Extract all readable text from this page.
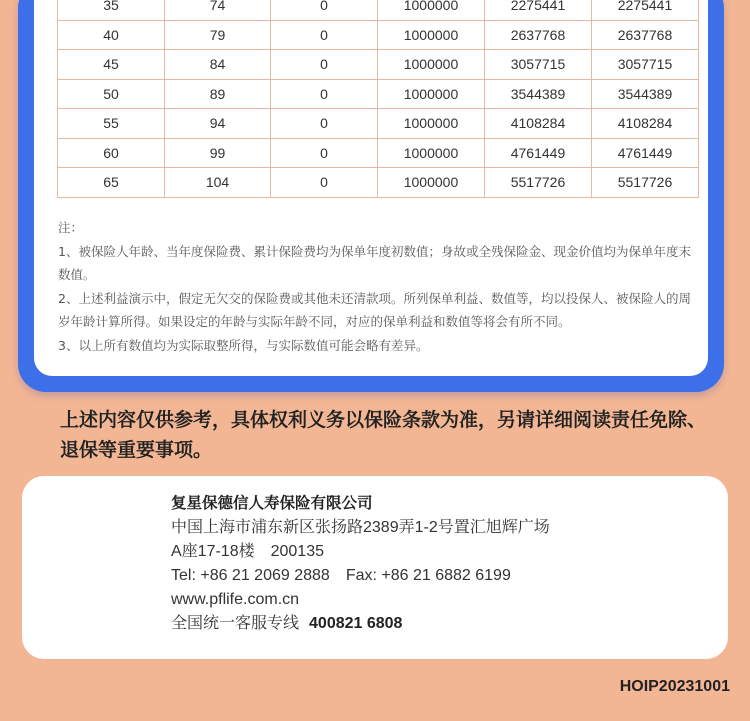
35	74	0	1000000	2275441	2275441
40	79	0	1000000	2637768	2637768
45	84	0	1000000	3057715	3057715
50	89	0	1000000	3544389	3544389
55	94	0	1000000	4108284	4108284
60	99	0	1000000	4761449	4761449
65	104	0	1000000	5517726	5517726

注：

1、被保险人年龄、当年度保险费、累计保险费均为保单年度初数值；身故或全残保险金、现金价值均为保单年度末数值。

2、上述利益演示中，假定无欠交的保险费或其他未还清款项。所列保单利益、数值等，均以投保人、被保险人的周岁年龄计算所得。如果设定的年龄与实际年龄不同，对应的保单利益和数值等将会有所不同。

3、以上所有数值均为实际取整所得，与实际数值可能会略有差异。

上述内容仅供参考，具体权利义务以保险条款为准，另请详细阅读责任免除、退保等重要事项。
复星保德信人寿保险有限公司
中国上海市浦东新区张扬路2389弄1-2号置汇旭辉广场
A座17-18楼　200135
Tel: +86 21 2069 2888 Fax: +86 21 6882 6199
www.pflife.com.cn
全国统一客服专线 400821 6808
HOIP20231001
